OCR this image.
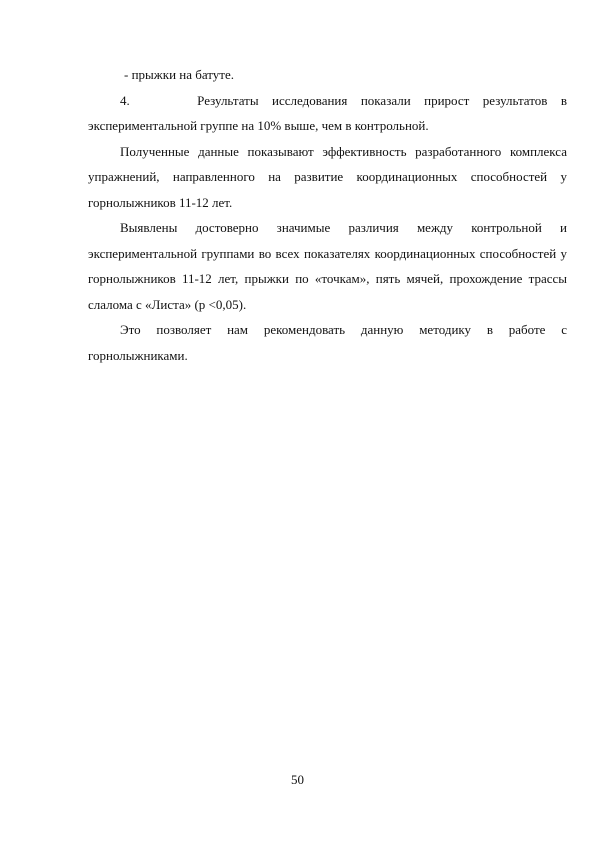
- прыжки на батуте.

4.     Результаты исследования показали прирост результатов в экспериментальной группе на 10% выше, чем в контрольной.

Полученные данные показывают эффективность разработанного комплекса упражнений, направленного на развитие координационных способностей у горнолыжников 11-12 лет.

Выявлены достоверно значимые различия между контрольной и экспериментальной группами во всех показателях координационных способностей у горнолыжников 11-12 лет, прыжки по «точкам», пять мячей, прохождение трассы слалома с «Листа» (р <0,05).

Это позволяет нам рекомендовать данную методику в работе с горнолыжниками.

50
